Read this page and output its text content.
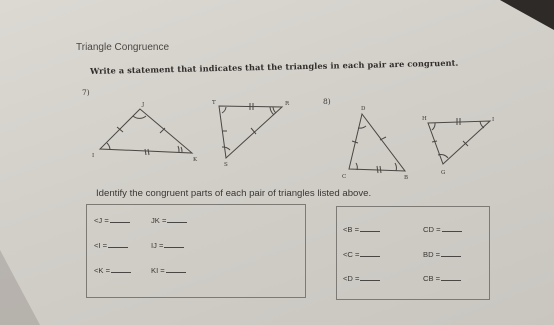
Triangle Congruence
Write a statement that indicates that the triangles in each pair are congruent.
7)
8)
J
I
K
T	R
S
D
C	B
H	I
G
Identify the congruent parts of each pair of triangles listed above.
<J =	JK =
<I =	IJ =
<K =	KI =
<B =	CD =
<C =	BD =
<D =	CB =
